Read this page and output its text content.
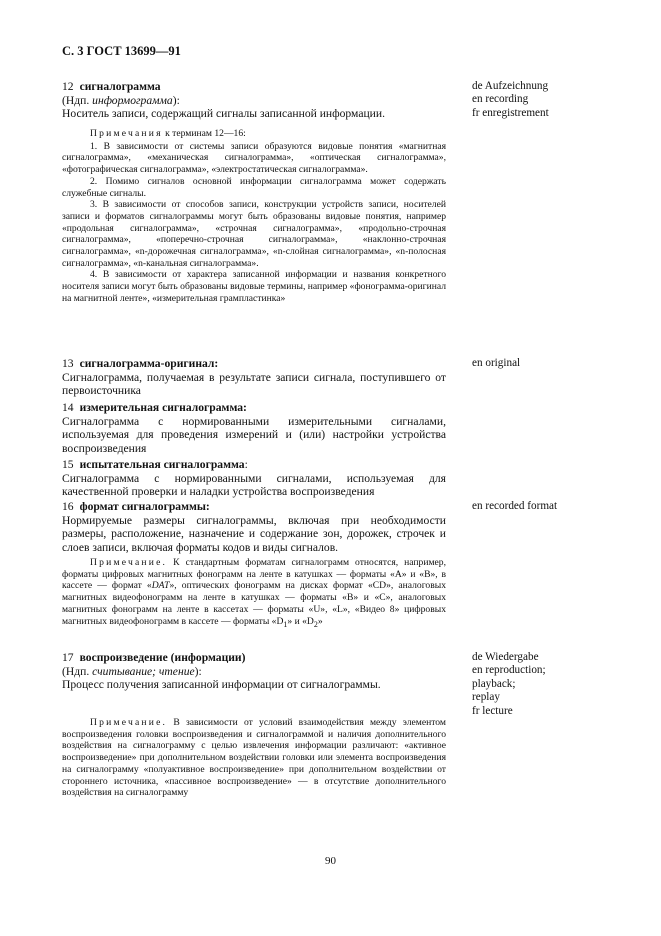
С. 3 ГОСТ 13699—91
12 сигналограмма
(Ндп. информограмма):
Носитель записи, содержащий сигналы записанной информации.
de Aufzeichnung
en recording
fr enregistrement

Примечания к терминам 12—16:

1. В зависимости от системы записи образуются видовые понятия «магнитная сигналограмма», «механическая сигналограмма», «оптическая сигналограмма», «фотографическая сигналограмма», «электростатическая сигналограмма».

2. Помимо сигналов основной информации сигналограмма может содержать служебные сигналы.

3. В зависимости от способов записи, конструкции устройств записи, носителей записи и форматов сигналограммы могут быть образованы видовые понятия, например «продольная сигналограмма», «строчная сигналограмма», «продольно-строчная сигналограмма», «поперечно-строчная сигналограмма», «наклонно-строчная сигналограмма», «n-дорожечная сигналограмма», «n-слойная сигналограмма», «n-полосная сигналограмма», «n-канальная сигналограмма».

4. В зависимости от характера записанной информации и названия конкретного носителя записи могут быть образованы видовые термины, например «фонограмма-оригинал на магнитной ленте», «измерительная грампластинка»

13 сигналограмма-оригинал:
Сигналограмма, получаемая в результате записи сигнала, поступившего от первоисточника
en original
14 измерительная сигналограмма:
Сигналограмма с нормированными измерительными сигналами, используемая для проведения измерений и (или) настройки устройства воспроизведения
15 испытательная сигналограмма:
Сигналограмма с нормированными сигналами, используемая для качественной проверки и наладки устройства воспроизведения
16 формат сигналограммы:
Нормируемые размеры сигналограммы, включая при необходимости размеры, расположение, назначение и содержание зон, дорожек, строчек и слоев записи, включая форматы кодов и виды сигналов.
en recorded format

Примечание. К стандартным форматам сигналограмм относятся, например, форматы цифровых магнитных фонограмм на ленте в катушках — форматы «А» и «В», в кассете — формат «DAT», оптических фонограмм на дисках формат «CD», аналоговых магнитных видеофонограмм на ленте в катушках — форматы «В» и «С», аналоговых магнитных фонограмм на ленте в кассетах — форматы «U», «L», «Видео 8» цифровых магнитных видеофонограмм в кассете — форматы «$D_1$» и «$D_2$»

17 воспроизведение (информации)
(Ндп. считывание; чтение):
Процесс получения записанной информации от сигналограммы.
de Wiedergabe
en reproduction;
playback;
replay
fr lecture

Примечание. В зависимости от условий взаимодействия между элементом воспроизведения головки воспроизведения и сигналограммой и наличия дополнительного воздействия на сигналограмму с целью извлечения информации различают: «активное воспроизведение» при дополнительном воздействии головки или элемента воспроизведения на сигналограмму «полуактивное воспроизведение» при дополнительном воздействии от стороннего источника, «пассивное воспроизведение» — в отсутствие дополнительного воздействия на сигналограмму

90
